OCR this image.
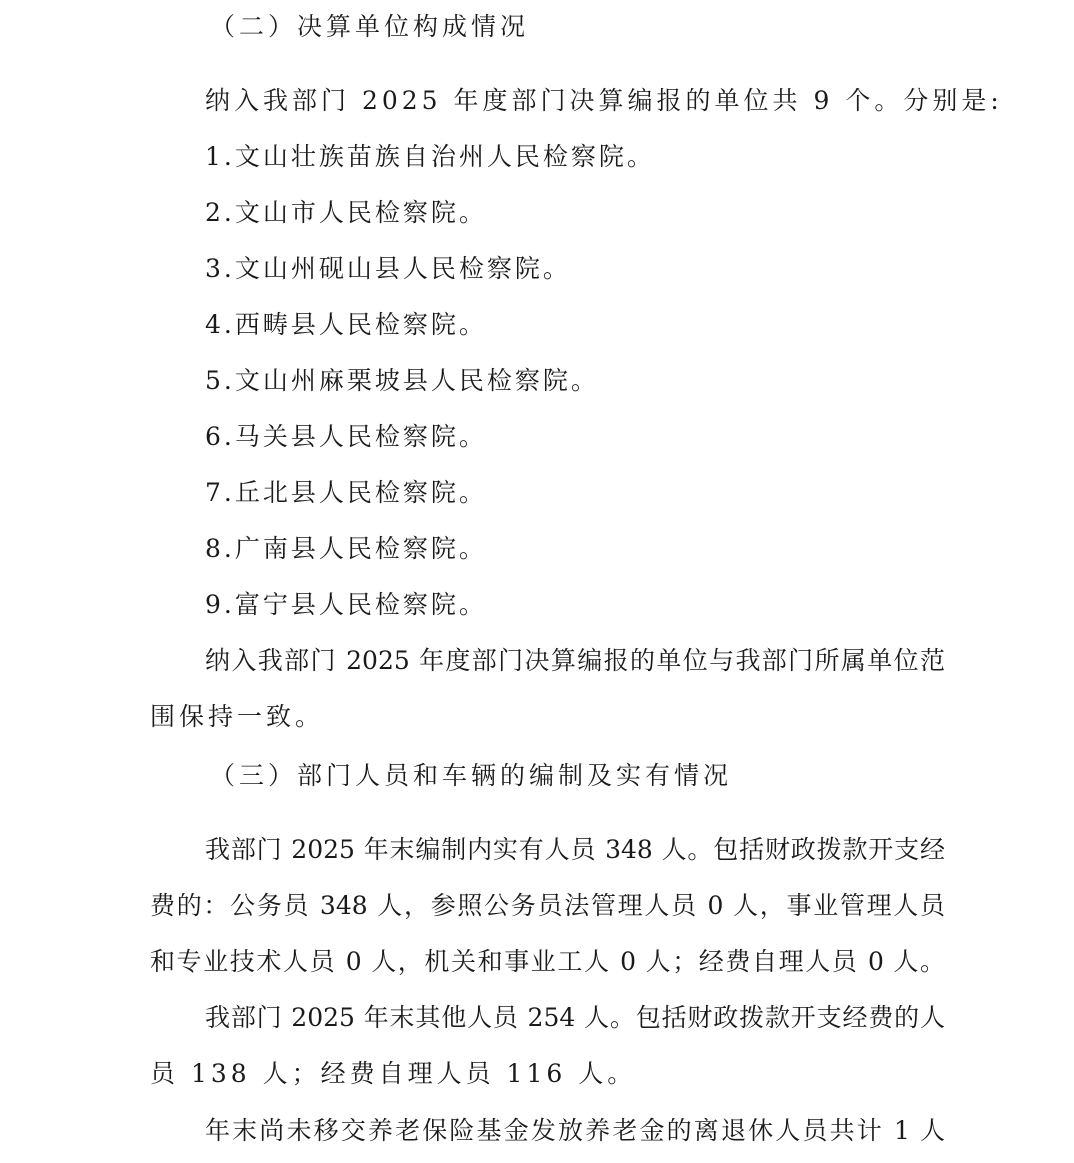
（二）决算单位构成情况

纳入我部门 2025 年度部门决算编报的单位共 9 个。分别是:

1.文山壮族苗族自治州人民检察院。

2.文山市人民检察院。

3.文山州砚山县人民检察院。

4.西畴县人民检察院。

5.文山州麻栗坡县人民检察院。

6.马关县人民检察院。

7.丘北县人民检察院。

8.广南县人民检察院。

9.富宁县人民检察院。

纳入我部门 2025 年度部门决算编报的单位与我部门所属单位范

围保持一致。

（三）部门人员和车辆的编制及实有情况

我部门 2025 年末编制内实有人员 348 人。包括财政拨款开支经

费的：公务员 348 人，参照公务员法管理人员 0 人，事业管理人员

和专业技术人员 0 人，机关和事业工人 0 人；经费自理人员 0 人。

我部门 2025 年末其他人员 254 人。包括财政拨款开支经费的人

员 138 人；经费自理人员 116 人。

年末尚未移交养老保险基金发放养老金的离退休人员共计 1 人
